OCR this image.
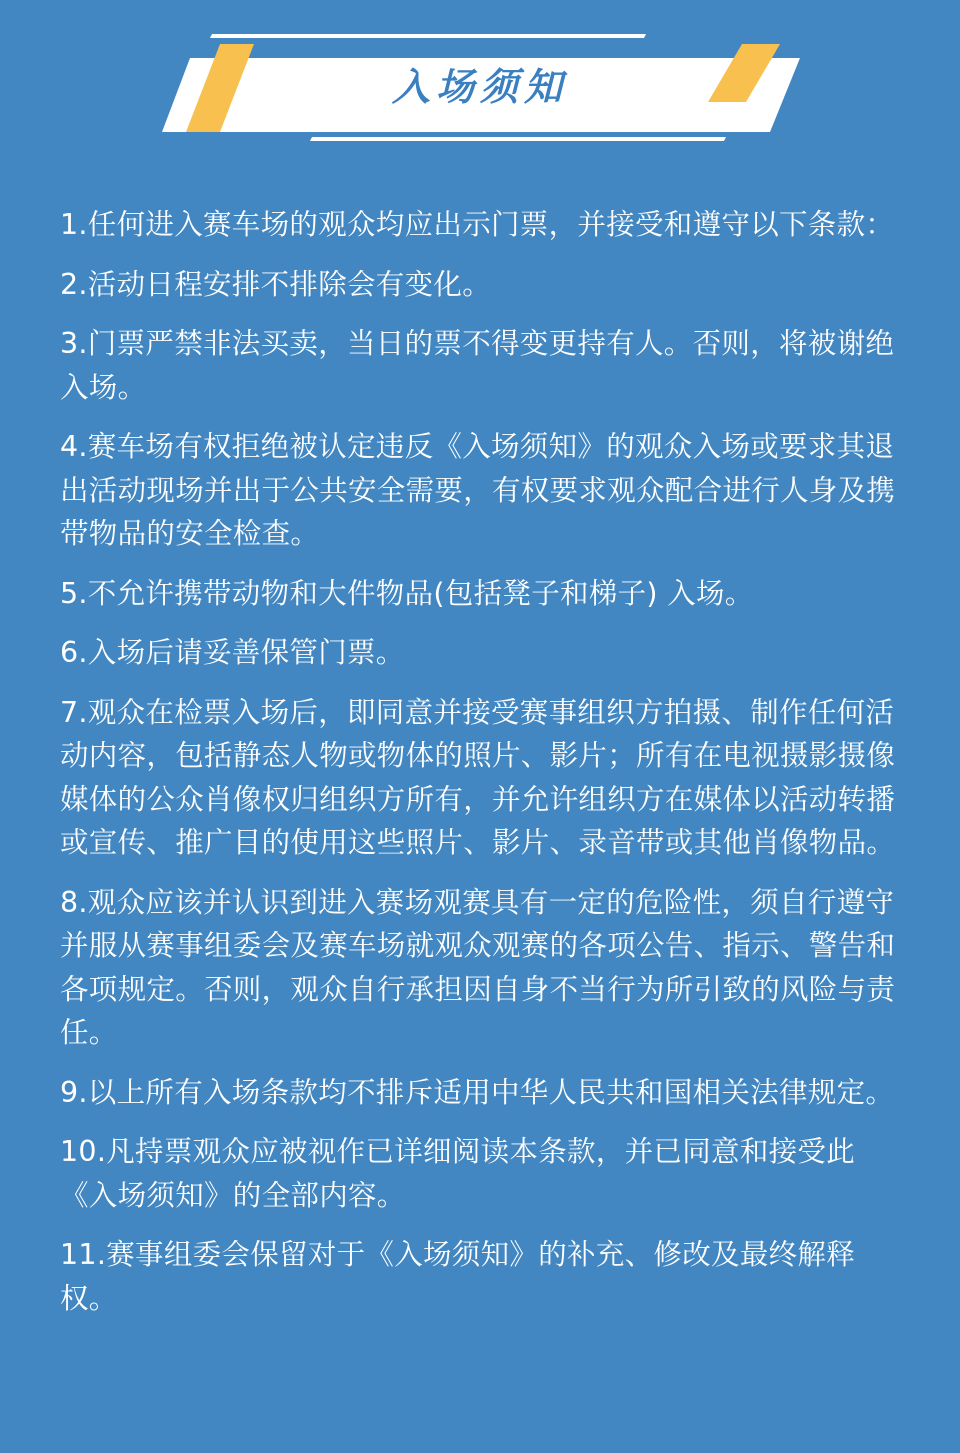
入场须知
1.任何进入赛车场的观众均应出示门票，并接受和遵守以下条款：
2.活动日程安排不排除会有变化。
3.门票严禁非法买卖，当日的票不得变更持有人。否则，将被谢绝入场。
4.赛车场有权拒绝被认定违反《入场须知》的观众入场或要求其退出活动现场并出于公共安全需要，有权要求观众配合进行人身及携带物品的安全检查。
5.不允许携带动物和大件物品(包括凳子和梯子) 入场。
6.入场后请妥善保管门票。
7.观众在检票入场后，即同意并接受赛事组织方拍摄、制作任何活动内容，包括静态人物或物体的照片、影片；所有在电视摄影摄像媒体的公众肖像权归组织方所有，并允许组织方在媒体以活动转播或宣传、推广目的使用这些照片、影片、录音带或其他肖像物品。
8.观众应该并认识到进入赛场观赛具有一定的危险性，须自行遵守并服从赛事组委会及赛车场就观众观赛的各项公告、指示、警告和各项规定。否则，观众自行承担因自身不当行为所引致的风险与责任。
9.以上所有入场条款均不排斥适用中华人民共和国相关法律规定。
10.凡持票观众应被视作已详细阅读本条款，并已同意和接受此《入场须知》的全部内容。
11.赛事组委会保留对于《入场须知》的补充、修改及最终解释权。
